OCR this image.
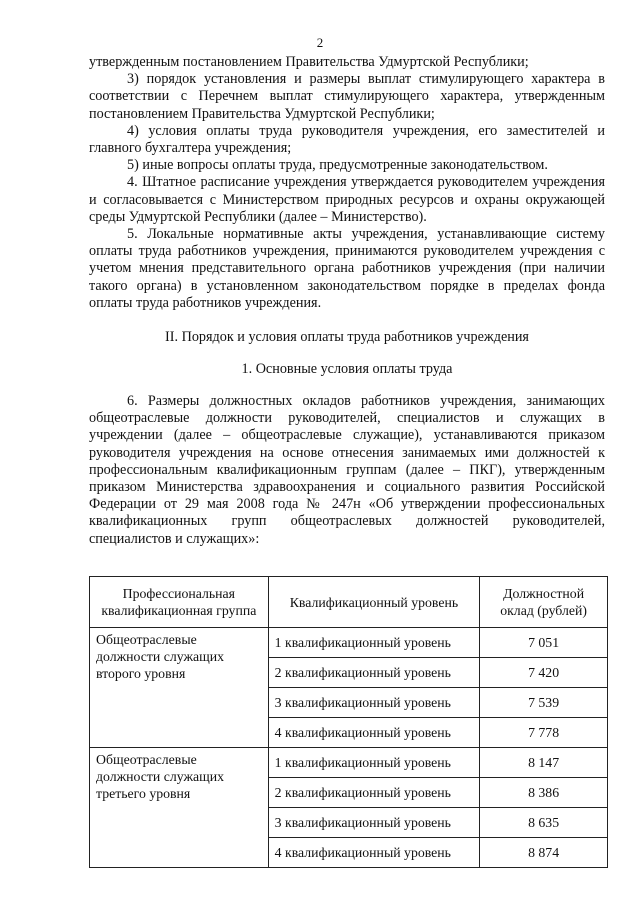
2

утвержденным постановлением Правительства Удмуртской Республики;

3) порядок установления и размеры выплат стимулирующего характера в соответствии с Перечнем выплат стимулирующего характера, утвержденным постановлением Правительства Удмуртской Республики;

4) условия оплаты труда руководителя учреждения, его заместителей и главного бухгалтера учреждения;

5) иные вопросы оплаты труда, предусмотренные законодательством.

4. Штатное расписание учреждения утверждается руководителем учреждения и согласовывается с Министерством природных ресурсов и охраны окружающей среды Удмуртской Республики (далее – Министерство).

5. Локальные нормативные акты учреждения, устанавливающие систему оплаты труда работников учреждения, принимаются руководителем учреждения с учетом мнения представительного органа работников учреждения (при наличии такого органа) в установленном законодательством порядке в пределах фонда оплаты труда работников учреждения.

II. Порядок и условия оплаты труда работников учреждения

1. Основные условия оплаты труда

6. Размеры должностных окладов работников учреждения, занимающих общеотраслевые должности руководителей, специалистов и служащих в учреждении (далее – общеотраслевые служащие), устанавливаются приказом руководителя учреждения на основе отнесения занимаемых ими должностей к профессиональным квалификационным группам (далее – ПКГ), утвержденным приказом Министерства здравоохранения и социального развития Российской Федерации от 29 мая 2008 года № 247н «Об утверждении профессиональных квалификационных групп общеотраслевых должностей руководителей, специалистов и служащих»:

Профессиональная квалификационная группа	Квалификационный уровень	Должностной оклад (рублей)
Общеотраслевые должности служащих второго уровня	1 квалификационный уровень	7 051
	2 квалификационный уровень	7 420
	3 квалификационный уровень	7 539
	4 квалификационный уровень	7 778
Общеотраслевые должности служащих третьего уровня	1 квалификационный уровень	8 147
	2 квалификационный уровень	8 386
	3 квалификационный уровень	8 635
	4 квалификационный уровень	8 874
